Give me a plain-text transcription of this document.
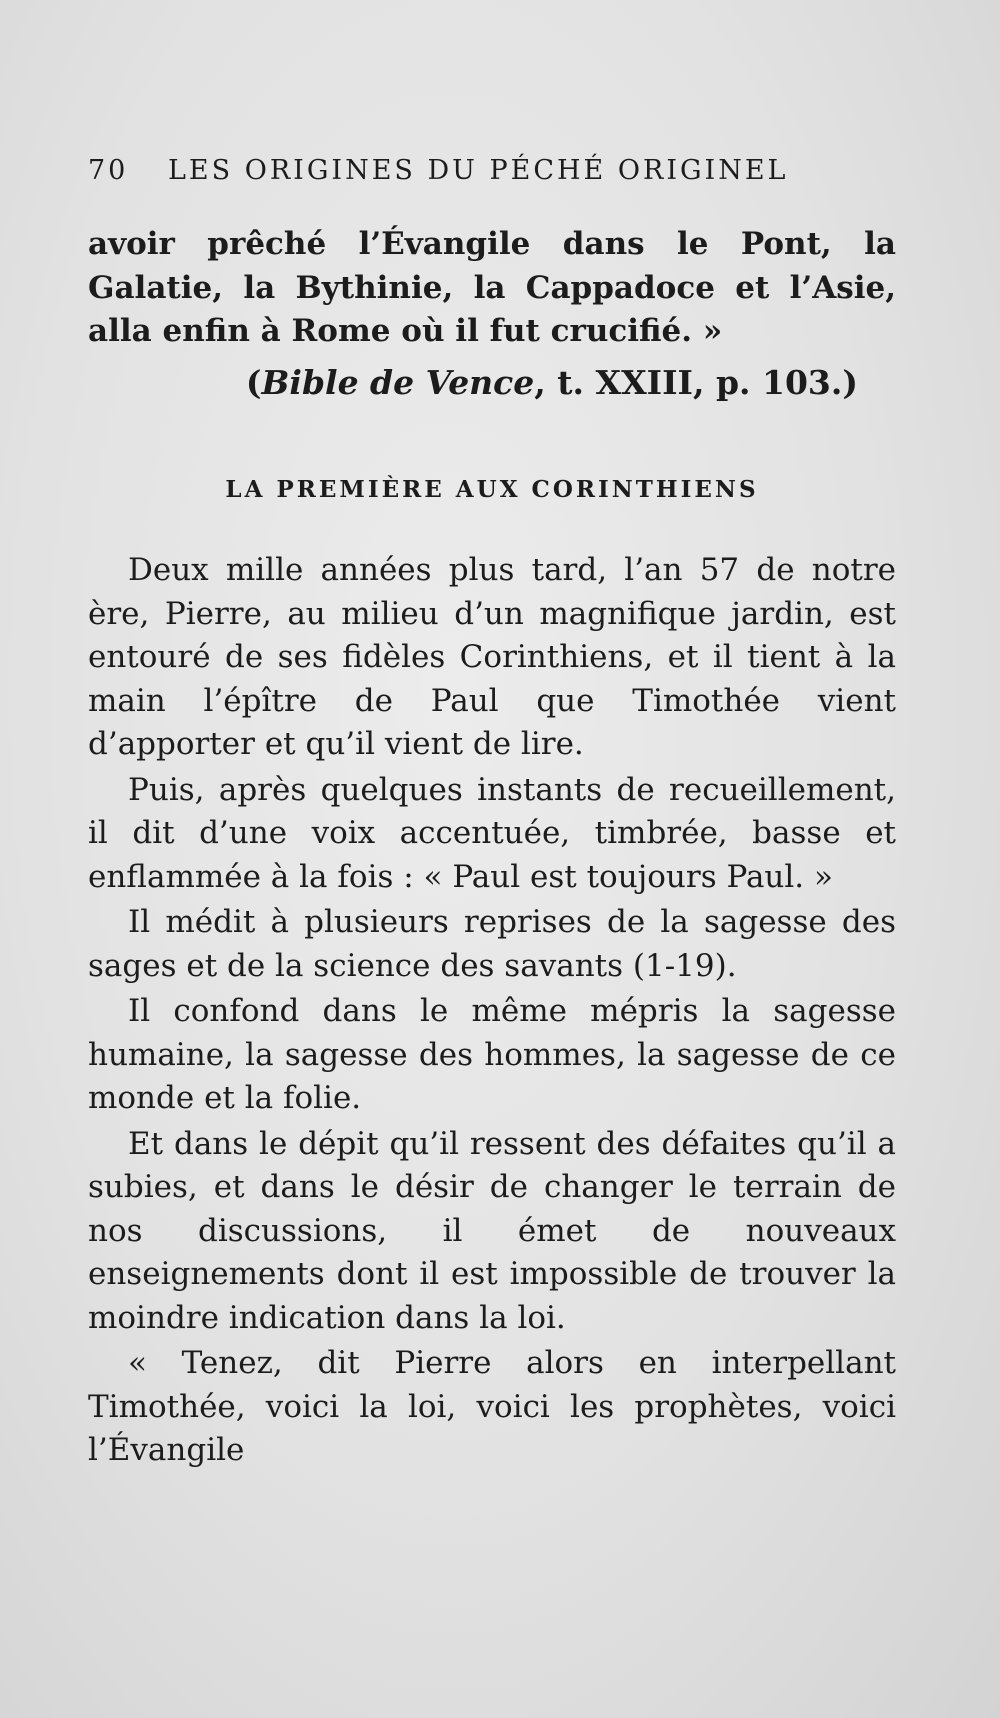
70	LES ORIGINES DU PÉCHÉ ORIGINEL

avoir prêché l’Évangile dans le Pont, la Galatie, la Bythinie, la Cappadoce et l’Asie, alla enfin à Rome où il fut crucifié. »

(Bible de Vence, t. XXIII, p. 103.)
LA PREMIÈRE AUX CORINTHIENS

Deux mille années plus tard, l’an 57 de notre ère, Pierre, au milieu d’un magnifique jardin, est entouré de ses fidèles Corinthiens, et il tient à la main l’épître de Paul que Timothée vient d’apporter et qu’il vient de lire.

Puis, après quelques instants de recueillement, il dit d’une voix accentuée, timbrée, basse et enflammée à la fois : « Paul est toujours Paul. »

Il médit à plusieurs reprises de la sagesse des sages et de la science des savants (1-19).

Il confond dans le même mépris la sagesse humaine, la sagesse des hommes, la sagesse de ce monde et la folie.

Et dans le dépit qu’il ressent des défaites qu’il a subies, et dans le désir de changer le terrain de nos discussions, il émet de nouveaux enseignements dont il est impossible de trouver la moindre indication dans la loi.

« Tenez, dit Pierre alors en interpellant Timothée, voici la loi, voici les prophètes, voici l’Évangile
